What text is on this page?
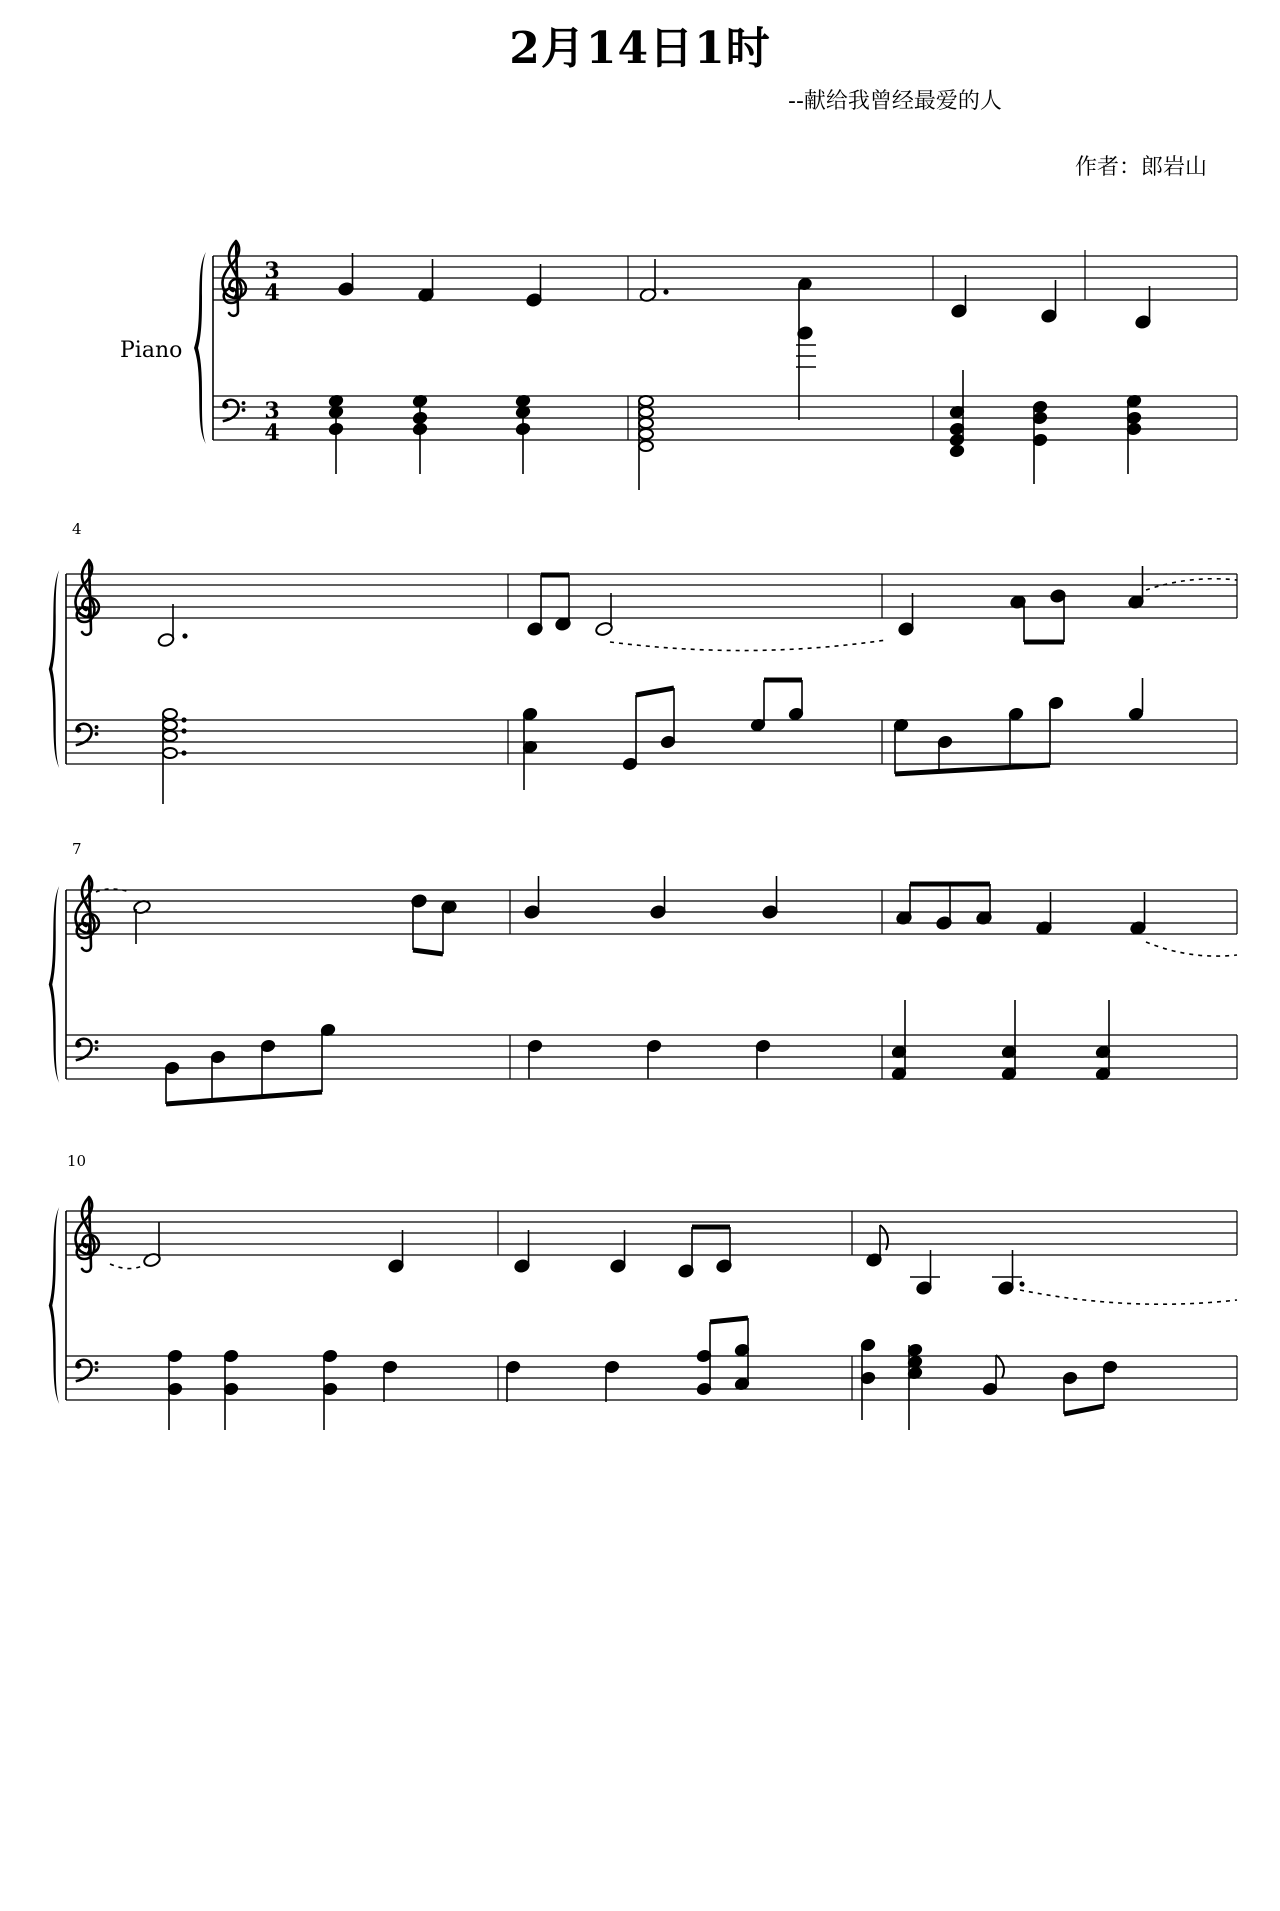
2月14日1时
--献给我曾经最爱的人
作者：郎岩山
Piano
4
7
10
3
4
3
4
